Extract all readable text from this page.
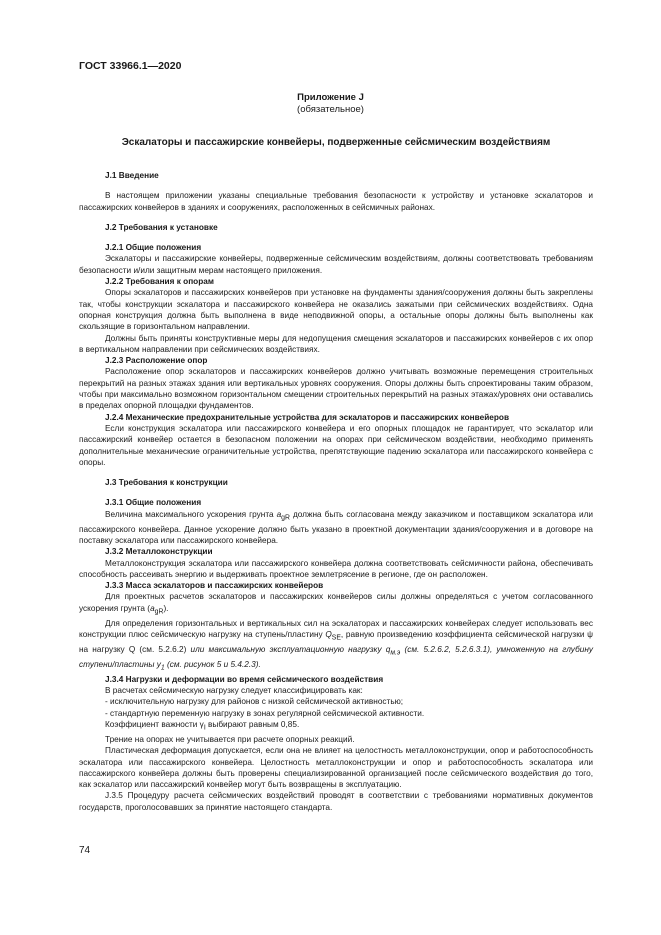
ГОСТ 33966.1—2020
Приложение J
(обязательное)
Эскалаторы и пассажирские конвейеры, подверженные сейсмическим воздействиям

J.1 Введение

В настоящем приложении указаны специальные требования безопасности к устройству и установке эскалаторов и пассажирских конвейеров в зданиях и сооружениях, расположенных в сейсмичных районах.

J.2 Требования к установке

J.2.1 Общие положения

Эскалаторы и пассажирские конвейеры, подверженные сейсмическим воздействиям, должны соответствовать требованиям безопасности и/или защитным мерам настоящего приложения.

J.2.2 Требования к опорам

Опоры эскалаторов и пассажирских конвейеров при установке на фундаменты здания/сооружения должны быть закреплены так, чтобы конструкции эскалатора и пассажирского конвейера не оказались зажатыми при сейсмических воздействиях. Одна опорная конструкция должна быть выполнена в виде неподвижной опоры, а остальные опоры должны быть выполнены как скользящие в горизонтальном направлении.

Должны быть приняты конструктивные меры для недопущения смещения эскалаторов и пассажирских конвейеров с их опор в вертикальном направлении при сейсмических воздействиях.

J.2.3 Расположение опор

Расположение опор эскалаторов и пассажирских конвейеров должно учитывать возможные перемещения строительных перекрытий на разных этажах здания или вертикальных уровнях сооружения. Опоры должны быть спроектированы таким образом, чтобы при максимально возможном горизонтальном смещении строительных перекрытий на разных этажах/уровнях они оставались в пределах опорной площадки фундаментов.

J.2.4 Механические предохранительные устройства для эскалаторов и пассажирских конвейеров

Если конструкция эскалатора или пассажирского конвейера и его опорных площадок не гарантирует, что эскалатор или пассажирский конвейер остается в безопасном положении на опорах при сейсмическом воздействии, необходимо применять дополнительные механические ограничительные устройства, препятствующие падению эскалатора или пассажирского конвейера с опоры.

J.3 Требования к конструкции

J.3.1 Общие положения

Величина максимального ускорения грунта $a_{gR}$ должна быть согласована между заказчиком и поставщиком эскалатора или пассажирского конвейера. Данное ускорение должно быть указано в проектной документации здания/сооружения и в договоре на поставку эскалатора или пассажирского конвейера.

J.3.2 Металлоконструкции

Металлоконструкция эскалатора или пассажирского конвейера должна соответствовать сейсмичности района, обеспечивать способность рассеивать энергию и выдерживать проектное землетрясение в регионе, где он расположен.

J.3.3 Масса эскалаторов и пассажирских конвейеров

Для проектных расчетов эскалаторов и пассажирских конвейеров силы должны определяться с учетом согласованного ускорения грунта $(a_{gR})$.

Для определения горизонтальных и вертикальных сил на эскалаторах и пассажирских конвейерах следует использовать вес конструкции плюс сейсмическую нагрузку на ступень/пластину $Q_{SE}$, равную произведению коэффициента сейсмической нагрузки ψ на нагрузку Q (см. 5.2.6.2) или максимальную эксплуатационную нагрузку $q_{м.э}$ (см. 5.2.6.2, 5.2.6.3.1), умноженную на глубину ступени/пластины $y_1$ (см. рисунок 5 и 5.4.2.3).

J.3.4 Нагрузки и деформации во время сейсмического воздействия

В расчетах сейсмическую нагрузку следует классифицировать как:

- исключительную нагрузку для районов с низкой сейсмической активностью;

- стандартную переменную нагрузку в зонах регулярной сейсмической активности.

Коэффициент важности $\gamma_I$ выбирают равным 0,85.

Трение на опорах не учитывается при расчете опорных реакций.

Пластическая деформация допускается, если она не влияет на целостность металлоконструкции, опор и работоспособность эскалатора или пассажирского конвейера. Целостность металлоконструкции и опор и работоспособность эскалатора или пассажирского конвейера должны быть проверены специализированной организацией после сейсмического воздействия до того, как эскалатор или пассажирский конвейер могут быть возвращены в эксплуатацию.

J.3.5 Процедуру расчета сейсмических воздействий проводят в соответствии с требованиями нормативных документов государств, проголосовавших за принятие настоящего стандарта.

74
